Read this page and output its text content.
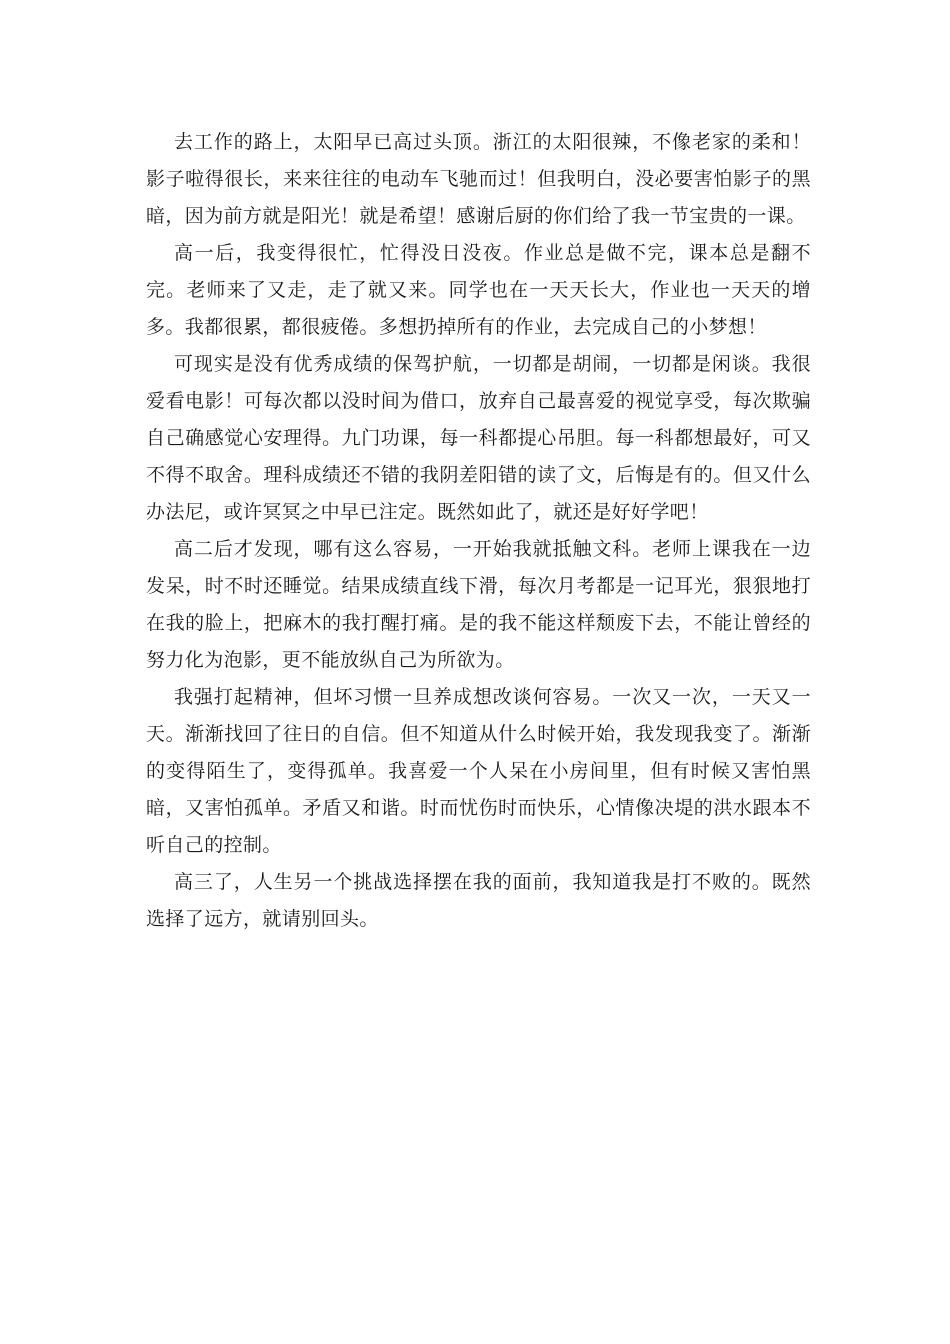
去工作的路上，太阳早已高过头顶。浙江的太阳很辣，不像老家的柔和！影子啦得很长，来来往往的电动车飞驰而过！但我明白，没必要害怕影子的黑暗，因为前方就是阳光！就是希望！感谢后厨的你们给了我一节宝贵的一课。

高一后，我变得很忙，忙得没日没夜。作业总是做不完，课本总是翻不完。老师来了又走，走了就又来。同学也在一天天长大，作业也一天天的增多。我都很累，都很疲倦。多想扔掉所有的作业，去完成自己的小梦想！

可现实是没有优秀成绩的保驾护航，一切都是胡闹，一切都是闲谈。我很爱看电影！可每次都以没时间为借口，放弃自己最喜爱的视觉享受，每次欺骗自己确感觉心安理得。九门功课，每一科都提心吊胆。每一科都想最好，可又不得不取舍。理科成绩还不错的我阴差阳错的读了文，后悔是有的。但又什么办法尼，或许冥冥之中早已注定。既然如此了，就还是好好学吧！

高二后才发现，哪有这么容易，一开始我就抵触文科。老师上课我在一边发呆，时不时还睡觉。结果成绩直线下滑，每次月考都是一记耳光，狠狠地打在我的脸上，把麻木的我打醒打痛。是的我不能这样颓废下去，不能让曾经的努力化为泡影，更不能放纵自己为所欲为。

我强打起精神，但坏习惯一旦养成想改谈何容易。一次又一次，一天又一天。渐渐找回了往日的自信。但不知道从什么时候开始，我发现我变了。渐渐的变得陌生了，变得孤单。我喜爱一个人呆在小房间里，但有时候又害怕黑暗，又害怕孤单。矛盾又和谐。时而忧伤时而快乐，心情像决堤的洪水跟本不听自己的控制。

高三了，人生另一个挑战选择摆在我的面前，我知道我是打不败的。既然选择了远方，就请别回头。
